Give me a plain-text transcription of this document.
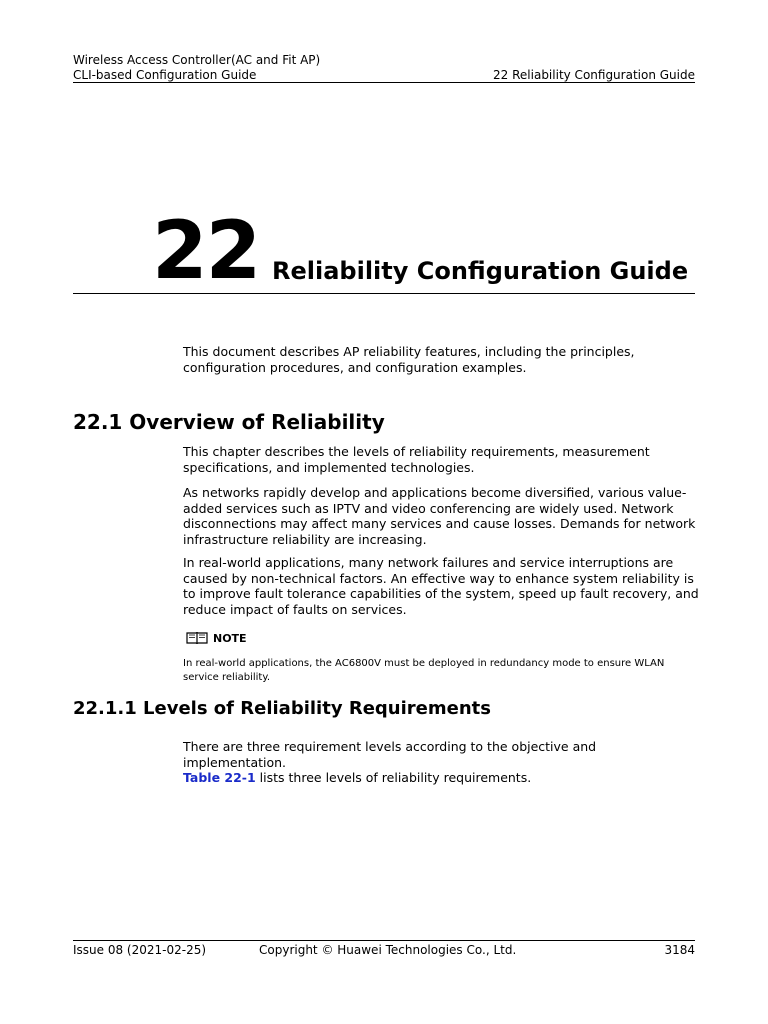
Wireless Access Controller(AC and Fit AP)
CLI-based Configuration Guide	22 Reliability Configuration Guide
22 Reliability Configuration Guide
This document describes AP reliability features, including the principles, configuration procedures, and configuration examples.
22.1 Overview of Reliability
This chapter describes the levels of reliability requirements, measurement specifications, and implemented technologies.
As networks rapidly develop and applications become diversified, various value-added services such as IPTV and video conferencing are widely used. Network disconnections may affect many services and cause losses. Demands for network infrastructure reliability are increasing.
In real-world applications, many network failures and service interruptions are caused by non-technical factors. An effective way to enhance system reliability is to improve fault tolerance capabilities of the system, speed up fault recovery, and reduce impact of faults on services.
NOTE
In real-world applications, the AC6800V must be deployed in redundancy mode to ensure WLAN service reliability.
22.1.1 Levels of Reliability Requirements
There are three requirement levels according to the objective and implementation.
Table 22-1 lists three levels of reliability requirements.
Issue 08 (2021-02-25)	Copyright © Huawei Technologies Co., Ltd.	3184
